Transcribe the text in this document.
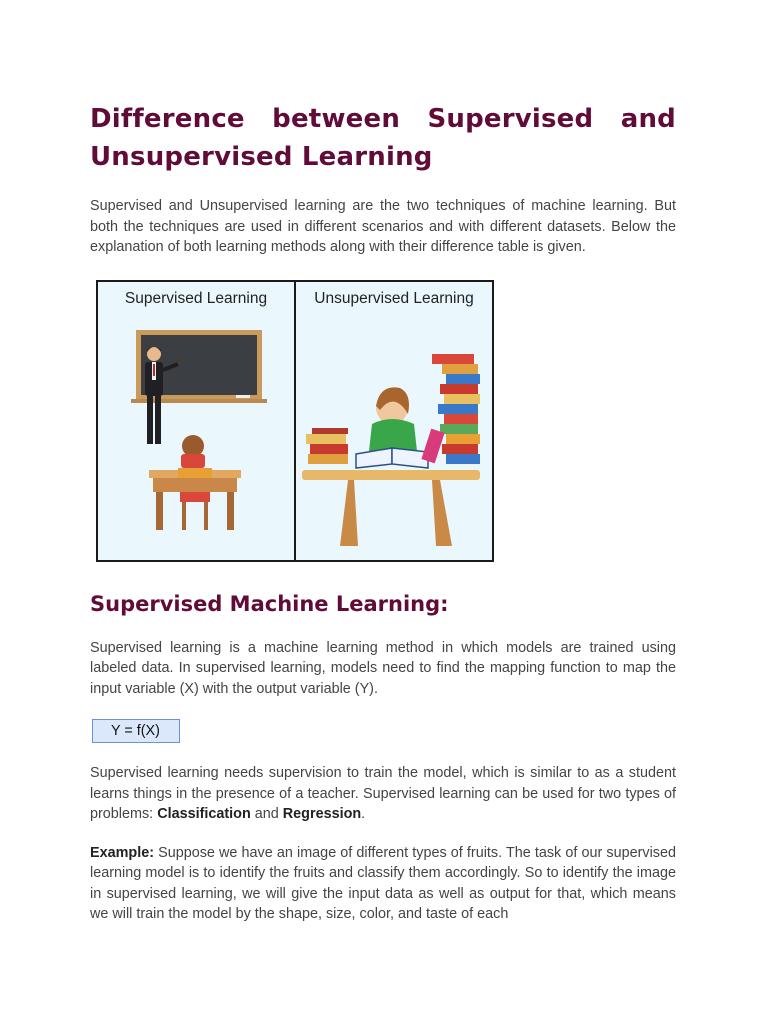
Difference between Supervised and Unsupervised Learning

Supervised and Unsupervised learning are the two techniques of machine learning. But both the techniques are used in different scenarios and with different datasets. Below the explanation of both learning methods along with their difference table is given.

Supervised Learning	Unsupervised Learning
Supervised Machine Learning:

Supervised learning is a machine learning method in which models are trained using labeled data. In supervised learning, models need to find the mapping function to map the input variable (X) with the output variable (Y).

Y = f(X)

Supervised learning needs supervision to train the model, which is similar to as a student learns things in the presence of a teacher. Supervised learning can be used for two types of problems: Classification and Regression.

Example: Suppose we have an image of different types of fruits. The task of our supervised learning model is to identify the fruits and classify them accordingly. So to identify the image in supervised learning, we will give the input data as well as output for that, which means we will train the model by the shape, size, color, and taste of each
